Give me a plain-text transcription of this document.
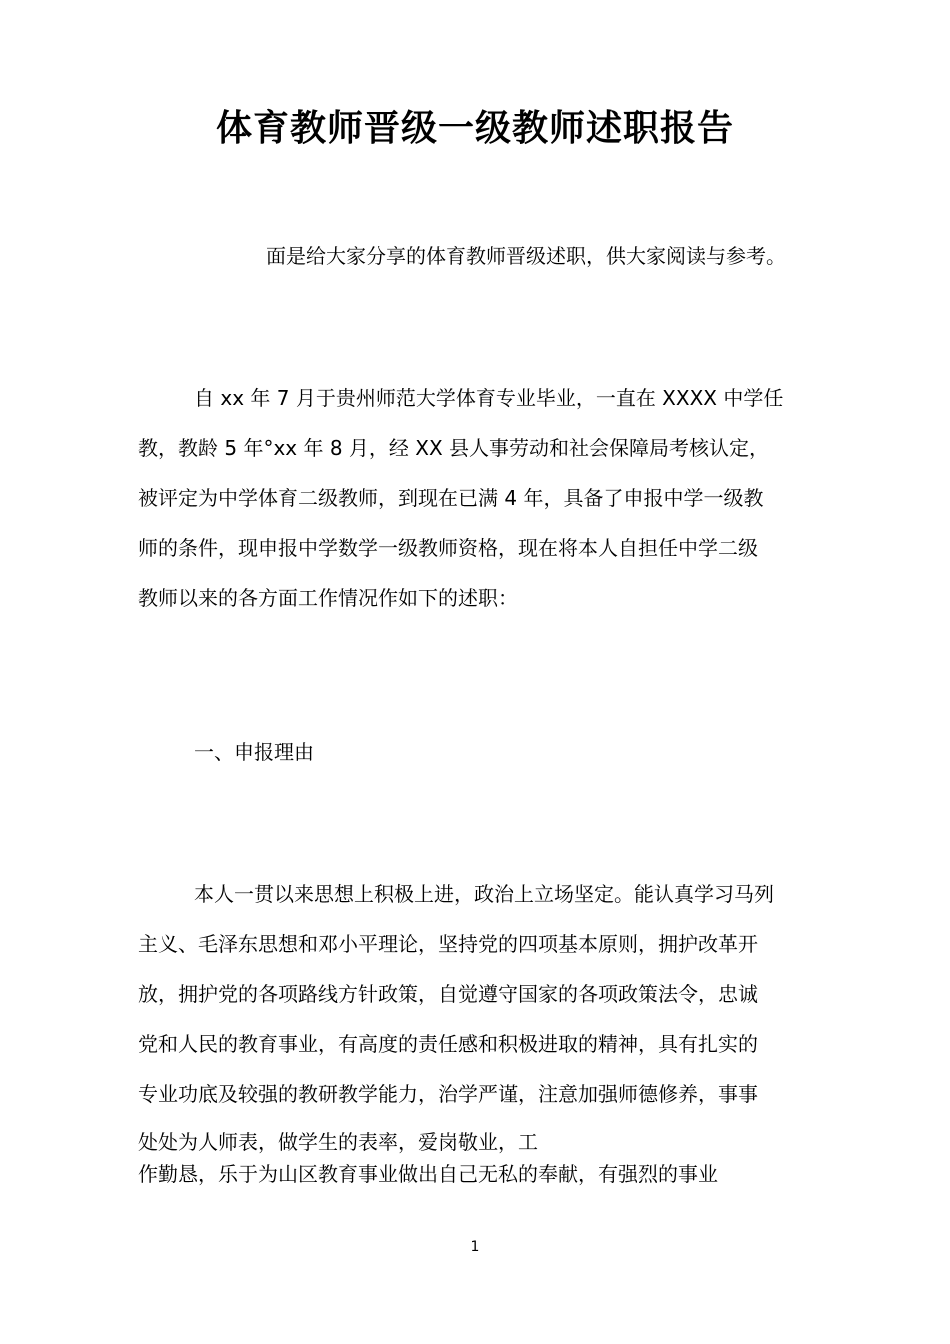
体育教师晋级一级教师述职报告
面是给大家分享的体育教师晋级述职，供大家阅读与参考。
自 xx 年 7 月于贵州师范大学体育专业毕业，一直在 XXXX 中学任
教，教龄 5 年°xx 年 8 月，经 XX 县人事劳动和社会保障局考核认定，
被评定为中学体育二级教师，到现在已满 4 年，具备了申报中学一级教
师的条件，现申报中学数学一级教师资格，现在将本人自担任中学二级
教师以来的各方面工作情况作如下的述职：
一、申报理由
本人一贯以来思想上积极上进，政治上立场坚定。能认真学习马列
主义、毛泽东思想和邓小平理论，坚持党的四项基本原则，拥护改革开
放，拥护党的各项路线方针政策，自觉遵守国家的各项政策法令，忠诚
党和人民的教育事业，有高度的责任感和积极进取的精神，具有扎实的
专业功底及较强的教研教学能力，治学严谨，注意加强师德修养，事事
处处为人师表，做学生的表率，爱岗敬业，工
作勤恳，乐于为山区教育事业做出自己无私的奉献，有强烈的事业
1
